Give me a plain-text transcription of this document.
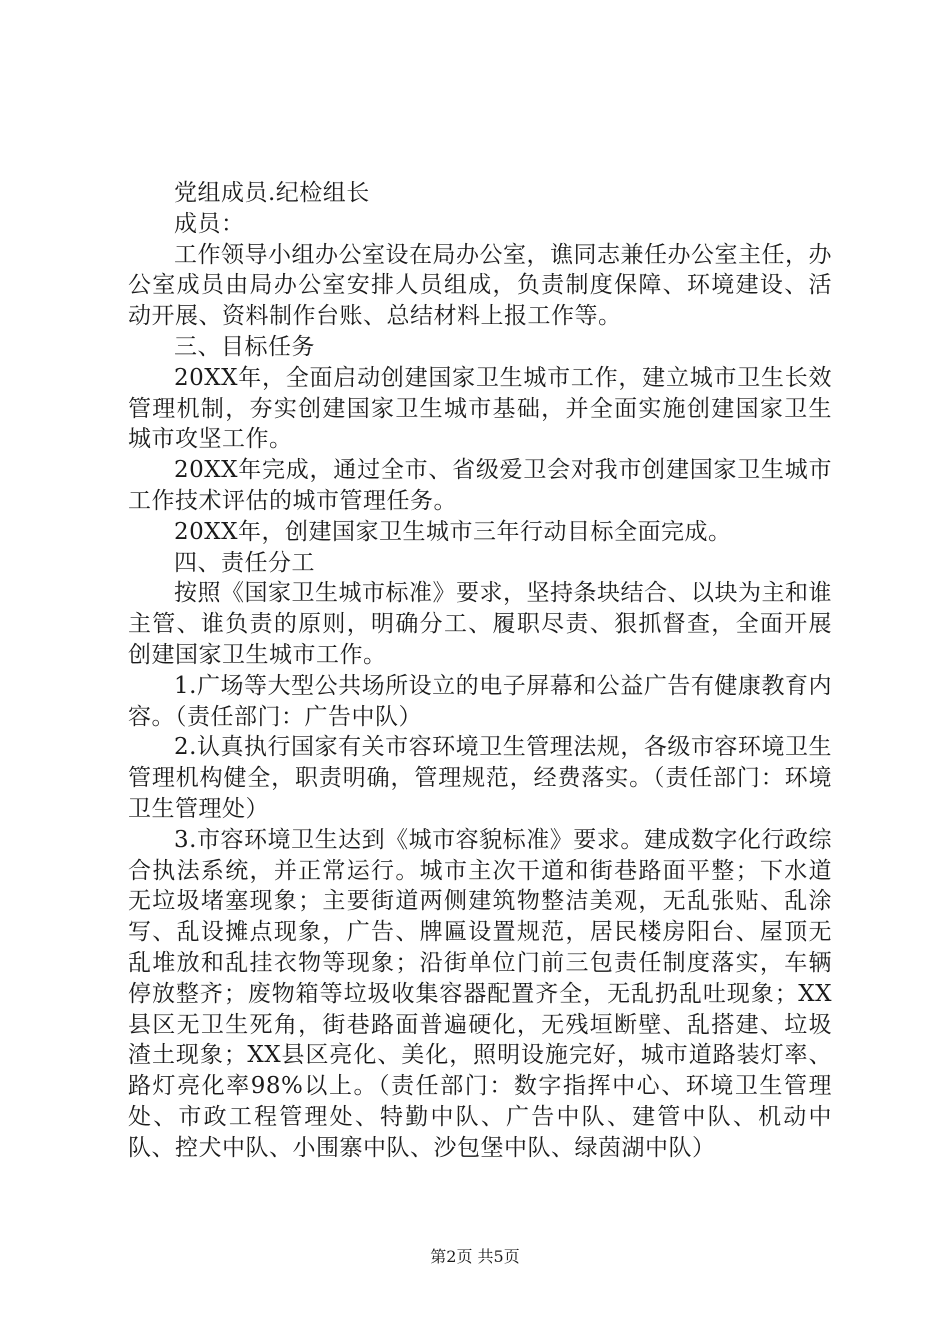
党组成员.纪检组长

成员：

工作领导小组办公室设在局办公室，谯同志兼任办公室主任，办公室成员由局办公室安排人员组成，负责制度保障、环境建设、活动开展、资料制作台账、总结材料上报工作等。

三、目标任务

20XX年，全面启动创建国家卫生城市工作，建立城市卫生长效管理机制，夯实创建国家卫生城市基础，并全面实施创建国家卫生城市攻坚工作。

20XX年完成，通过全市、省级爱卫会对我市创建国家卫生城市工作技术评估的城市管理任务。

20XX年，创建国家卫生城市三年行动目标全面完成。

四、责任分工

按照《国家卫生城市标准》要求，坚持条块结合、以块为主和谁主管、谁负责的原则，明确分工、履职尽责、狠抓督查，全面开展创建国家卫生城市工作。

1.广场等大型公共场所设立的电子屏幕和公益广告有健康教育内容。（责任部门：广告中队）

2.认真执行国家有关市容环境卫生管理法规，各级市容环境卫生管理机构健全，职责明确，管理规范，经费落实。（责任部门：环境卫生管理处）

3.市容环境卫生达到《城市容貌标准》要求。建成数字化行政综合执法系统，并正常运行。城市主次干道和街巷路面平整；下水道无垃圾堵塞现象；主要街道两侧建筑物整洁美观，无乱张贴、乱涂写、乱设摊点现象，广告、牌匾设置规范，居民楼房阳台、屋顶无乱堆放和乱挂衣物等现象；沿街单位门前三包责任制度落实，车辆停放整齐；废物箱等垃圾收集容器配置齐全，无乱扔乱吐现象；XX县区无卫生死角，街巷路面普遍硬化，无残垣断壁、乱搭建、垃圾渣土现象；XX县区亮化、美化，照明设施完好，城市道路装灯率、路灯亮化率98%以上。（责任部门：数字指挥中心、环境卫生管理处、市政工程管理处、特勤中队、广告中队、建管中队、机动中队、控犬中队、小围寨中队、沙包堡中队、绿茵湖中队）

第2页 共5页
